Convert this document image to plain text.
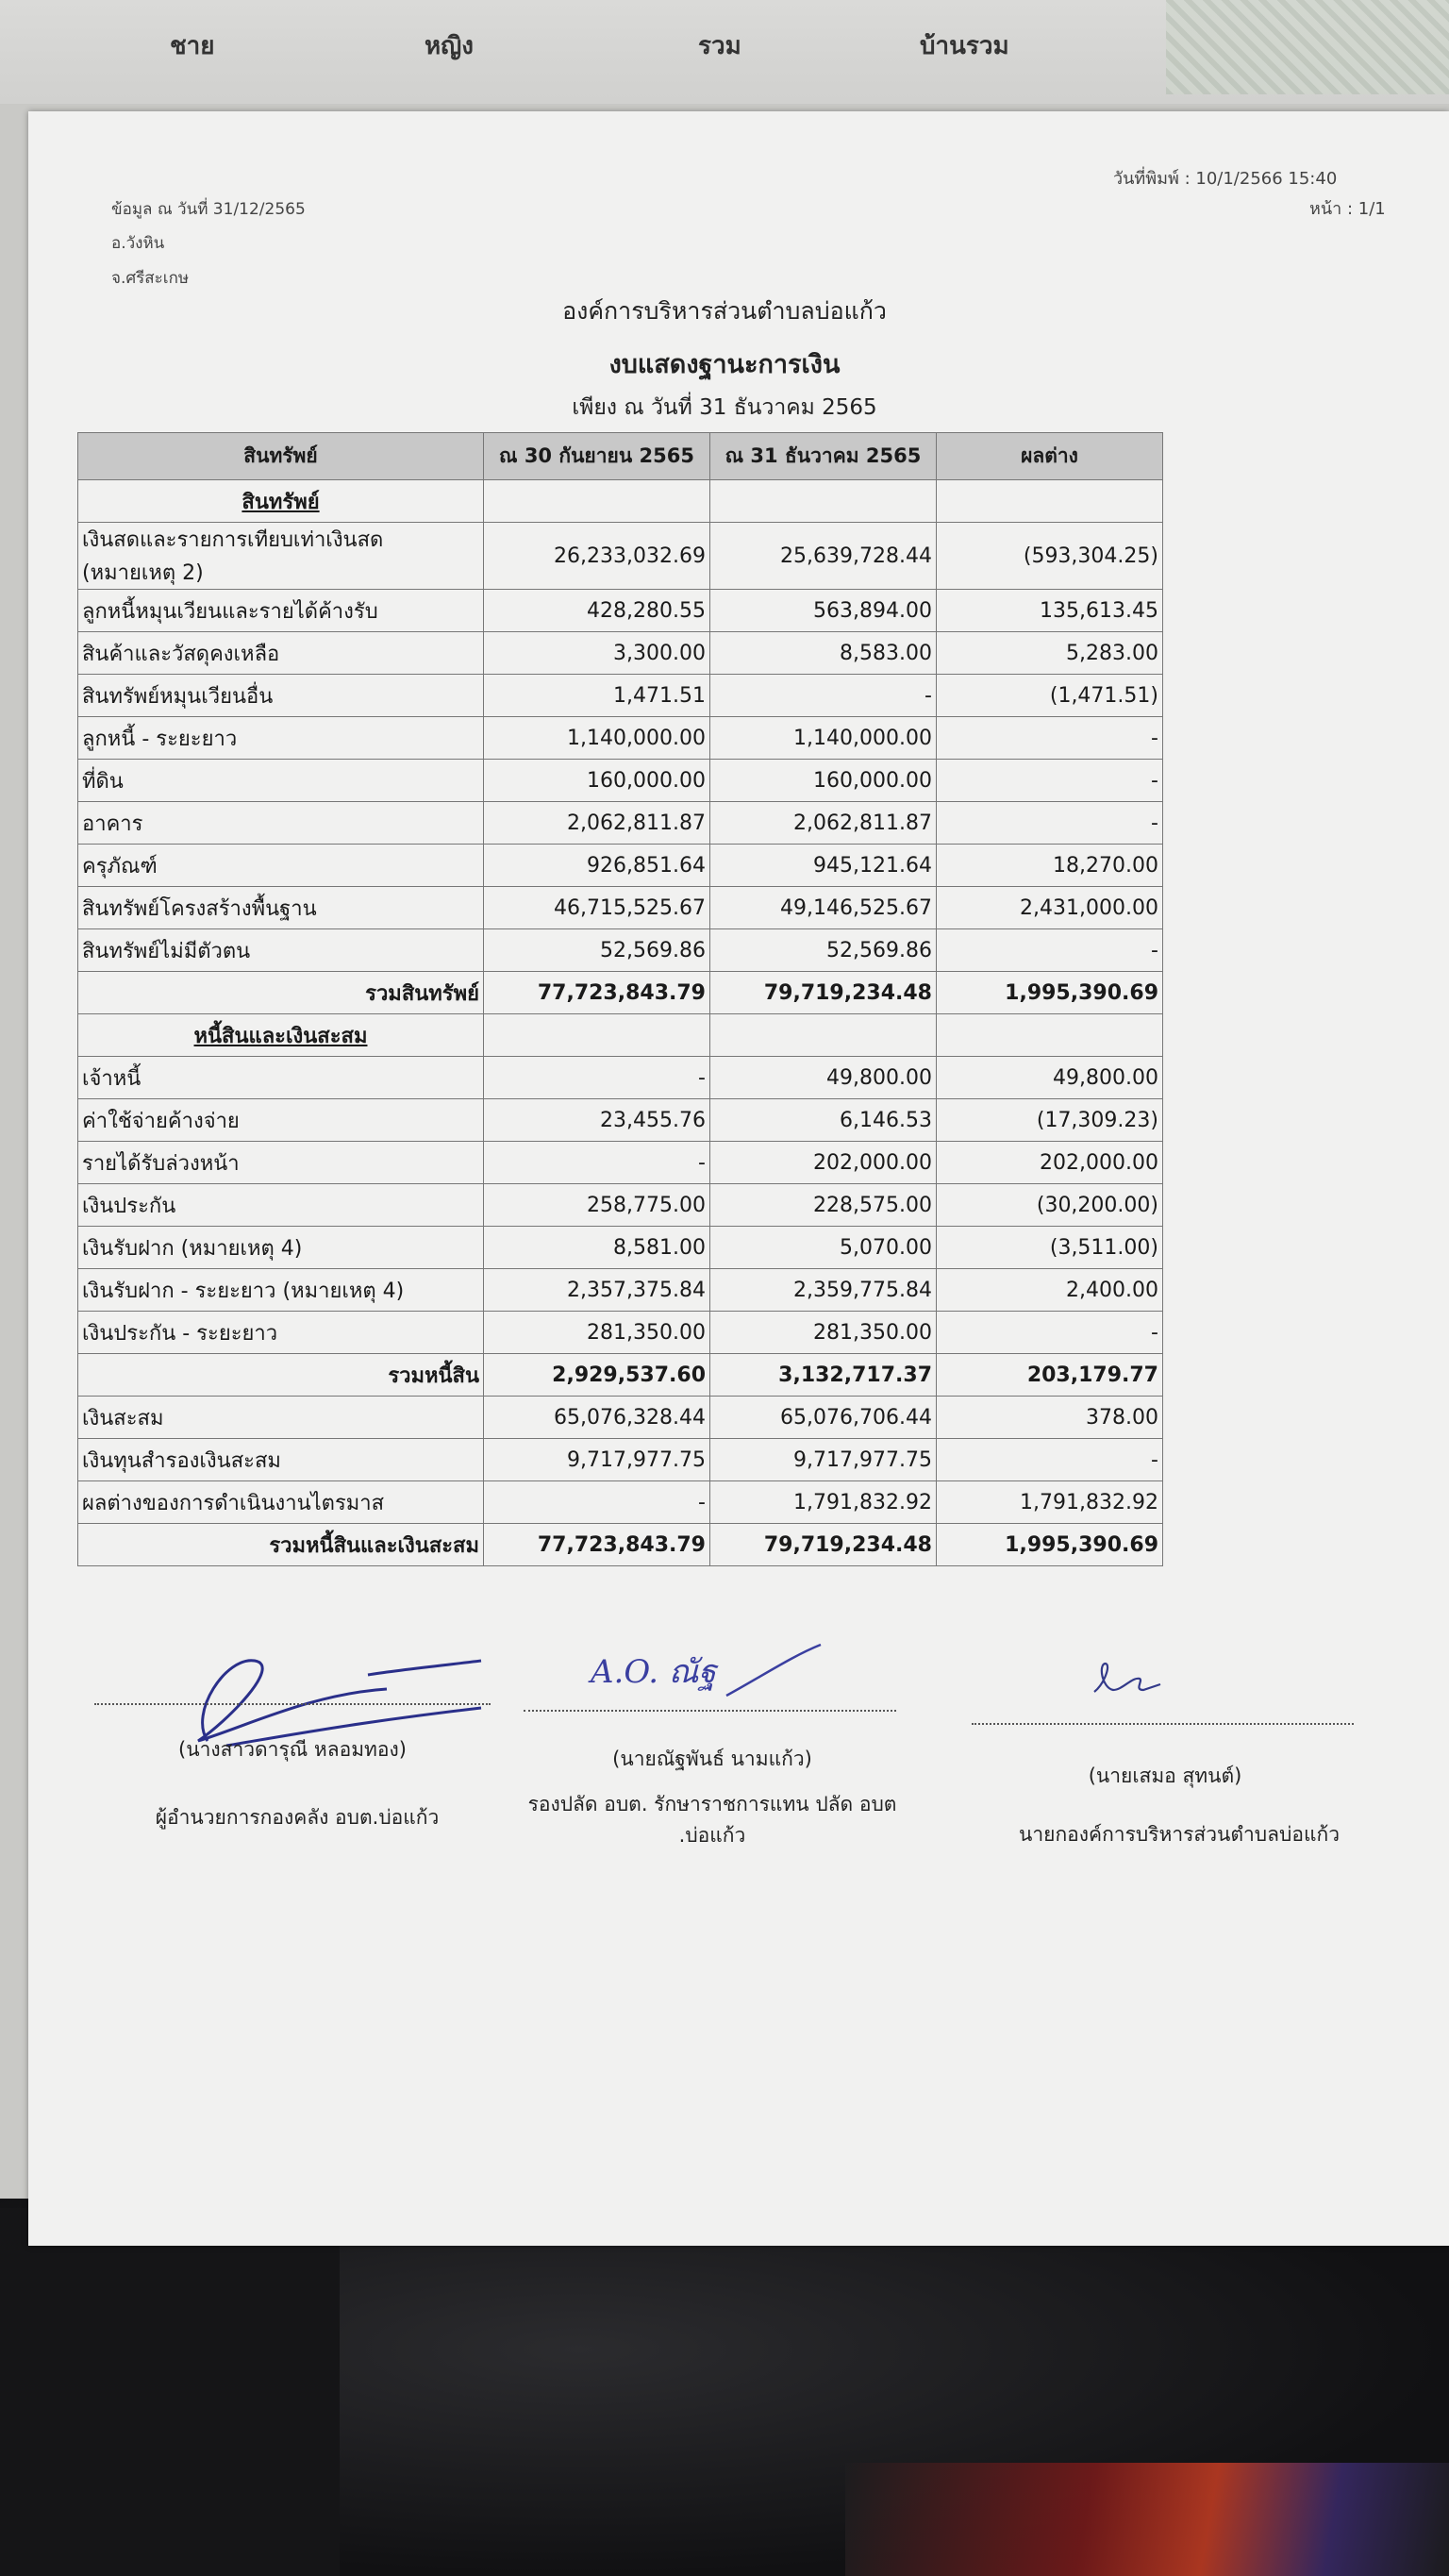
ชาย	หญิง	รวม	บ้านรวม
ข้อมูล ณ วันที่ 31/12/2565
อ.วังหิน
จ.ศรีสะเกษ
วันที่พิมพ์ : 10/1/2566 15:40
หน้า : 1/1
องค์การบริหารส่วนตำบลบ่อแก้ว
งบแสดงฐานะการเงิน
เพียง ณ วันที่ 31 ธันวาคม 2565
สินทรัพย์	ณ 30 กันยายน 2565	ณ 31 ธันวาคม 2565	ผลต่าง
สินทรัพย์			
เงินสดและรายการเทียบเท่าเงินสด (หมายเหตุ 2)	26,233,032.69	25,639,728.44	(593,304.25)
ลูกหนี้หมุนเวียนและรายได้ค้างรับ	428,280.55	563,894.00	135,613.45
สินค้าและวัสดุคงเหลือ	3,300.00	8,583.00	5,283.00
สินทรัพย์หมุนเวียนอื่น	1,471.51	-	(1,471.51)
ลูกหนี้ - ระยะยาว	1,140,000.00	1,140,000.00	-
ที่ดิน	160,000.00	160,000.00	-
อาคาร	2,062,811.87	2,062,811.87	-
ครุภัณฑ์	926,851.64	945,121.64	18,270.00
สินทรัพย์โครงสร้างพื้นฐาน	46,715,525.67	49,146,525.67	2,431,000.00
สินทรัพย์ไม่มีตัวตน	52,569.86	52,569.86	-
รวมสินทรัพย์	77,723,843.79	79,719,234.48	1,995,390.69
หนี้สินและเงินสะสม			
เจ้าหนี้	-	49,800.00	49,800.00
ค่าใช้จ่ายค้างจ่าย	23,455.76	6,146.53	(17,309.23)
รายได้รับล่วงหน้า	-	202,000.00	202,000.00
เงินประกัน	258,775.00	228,575.00	(30,200.00)
เงินรับฝาก (หมายเหตุ 4)	8,581.00	5,070.00	(3,511.00)
เงินรับฝาก - ระยะยาว (หมายเหตุ 4)	2,357,375.84	2,359,775.84	2,400.00
เงินประกัน - ระยะยาว	281,350.00	281,350.00	-
รวมหนี้สิน	2,929,537.60	3,132,717.37	203,179.77
เงินสะสม	65,076,328.44	65,076,706.44	378.00
เงินทุนสำรองเงินสะสม	9,717,977.75	9,717,977.75	-
ผลต่างของการดำเนินงานไตรมาส	-	1,791,832.92	1,791,832.92
รวมหนี้สินและเงินสะสม	77,723,843.79	79,719,234.48	1,995,390.69
A.O. ณัฐ
(นางสาวดารุณี หลอมทอง)	(นายณัฐพันธ์ นามแก้ว)
(นายเสมอ สุทนต์)
ผู้อำนวยการกองคลัง อบต.บ่อแก้ว
รองปลัด อบต. รักษาราชการแทน ปลัด อบต
.บ่อแก้ว	นายกองค์การบริหารส่วนตำบลบ่อแก้ว
